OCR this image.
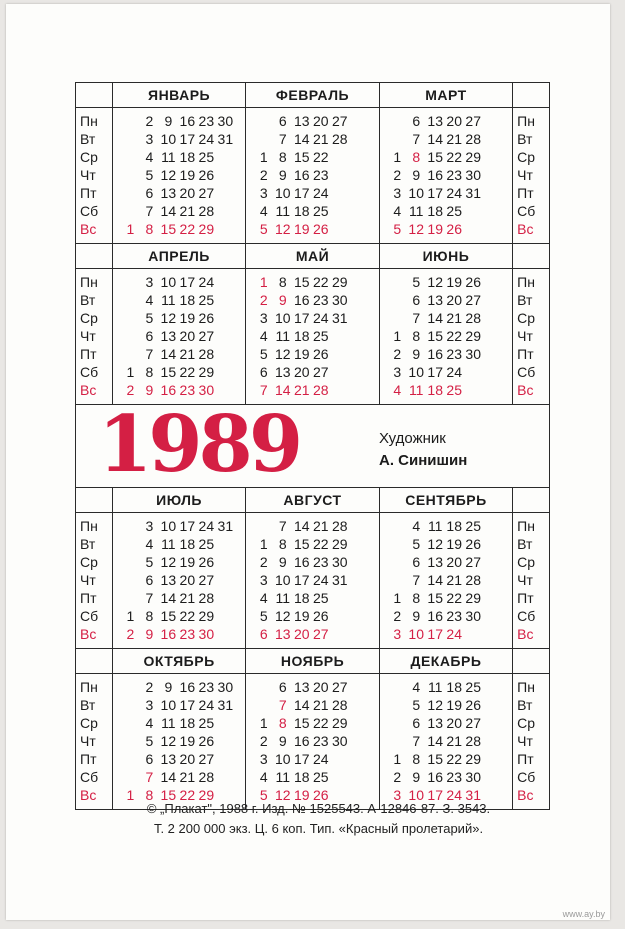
Пн
Вт
Ср
Чт
Пт
Сб
Вс
ЯНВАРЬ
2 9 16 23 30
3 10 17 24 31
4 11 18 25
5 12 19 26
6 13 20 27
7 14 21 28
1 8 15 22 29
ФЕВРАЛЬ
6 13 20 27
7 14 21 28
1 8 15 22
2 9 16 23
3 10 17 24
4 11 18 25
5 12 19 26
МАРТ
6 13 20 27
7 14 21 28
1 8 15 22 29
2 9 16 23 30
3 10 17 24 31
4 11 18 25
5 12 19 26
Пн
Вт
Ср
Чт
Пт
Сб
Вс
Пн
Вт
Ср
Чт
Пт
Сб
Вс
АПРЕЛЬ
3 10 17 24
4 11 18 25
5 12 19 26
6 13 20 27
7 14 21 28
1 8 15 22 29
2 9 16 23 30
МАЙ
1 8 15 22 29
2 9 16 23 30
3 10 17 24 31
4 11 18 25
5 12 19 26
6 13 20 27
7 14 21 28
ИЮНЬ
5 12 19 26
6 13 20 27
7 14 21 28
1 8 15 22 29
2 9 16 23 30
3 10 17 24
4 11 18 25
Пн
Вт
Ср
Чт
Пт
Сб
Вс
1989	Художник
А. Синишин
Пн
Вт
Ср
Чт
Пт
Сб
Вс
ИЮЛЬ
3 10 17 24 31
4 11 18 25
5 12 19 26
6 13 20 27
7 14 21 28
1 8 15 22 29
2 9 16 23 30
АВГУСТ
7 14 21 28
1 8 15 22 29
2 9 16 23 30
3 10 17 24 31
4 11 18 25
5 12 19 26
6 13 20 27
СЕНТЯБРЬ
4 11 18 25
5 12 19 26
6 13 20 27
7 14 21 28
1 8 15 22 29
2 9 16 23 30
3 10 17 24
Пн
Вт
Ср
Чт
Пт
Сб
Вс
Пн
Вт
Ср
Чт
Пт
Сб
Вс
ОКТЯБРЬ
2 9 16 23 30
3 10 17 24 31
4 11 18 25
5 12 19 26
6 13 20 27
7 14 21 28
1 8 15 22 29
НОЯБРЬ
6 13 20 27
7 14 21 28
1 8 15 22 29
2 9 16 23 30
3 10 17 24
4 11 18 25
5 12 19 26
ДЕКАБРЬ
4 11 18 25
5 12 19 26
6 13 20 27
7 14 21 28
1 8 15 22 29
2 9 16 23 30
3 10 17 24 31
Пн
Вт
Ср
Чт
Пт
Сб
Вс
© „Плакат", 1988 г. Изд. № 1525543. А-12846-87. З. 3543.
Т. 2 200 000 экз. Ц. 6 коп. Тип. «Красный пролетарий».
www.ay.by
